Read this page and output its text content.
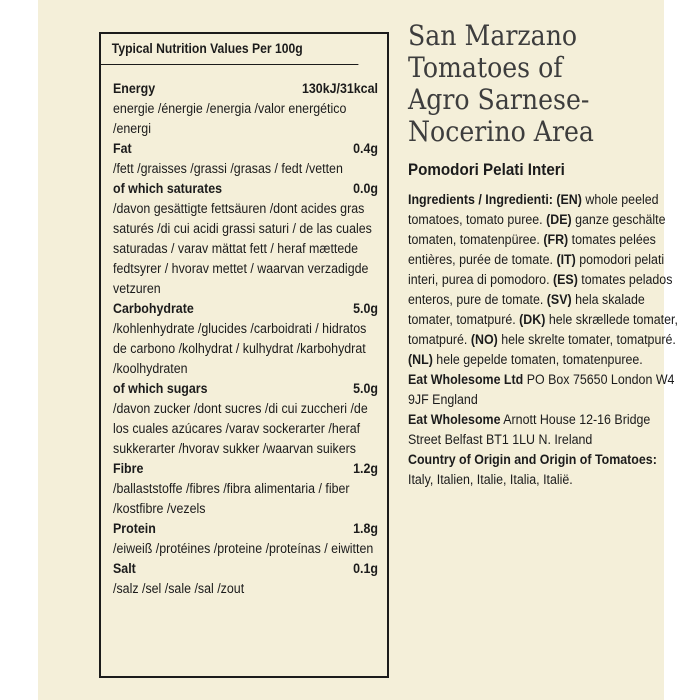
Typical Nutrition Values Per 100g
Energy	130kJ/31kcal
energie /énergie /energia /valor energético /energi
Fat	0.4g
/fett /graisses /grassi /grasas / fedt /vetten
of which saturates	0.0g
/davon gesättigte fettsäuren /dont acides gras saturés /di cui acidi grassi saturi / de las cuales saturadas / varav mättat fett / heraf mættede fedtsyrer / hvorav mettet / waarvan verzadigde vetzuren
Carbohydrate	5.0g
/kohlenhydrate /glucides /carboidrati / hidratos de carbono /kolhydrat / kulhydrat /karbohydrat /koolhydraten
of which sugars	5.0g
/davon zucker /dont sucres /di cui zuccheri /de los cuales azúcares /varav sockerarter /heraf sukkerarter /hvorav sukker /waarvan suikers
Fibre	1.2g
/ballaststoffe /fibres /fibra alimentaria / fiber /kostfibre /vezels
Protein	1.8g
/eiweiß /protéines /proteine /proteínas / eiwitten
Salt	0.1g
/salz /sel /sale /sal /zout
San Marzano
Tomatoes of
Agro Sarnese-
Nocerino Area
Pomodori Pelati Interi
Ingredients / Ingredienti: (EN) whole peeled tomatoes, tomato puree. (DE) ganze geschälte tomaten, tomatenpüree. (FR) tomates pelées entières, purée de tomate. (IT) pomodori pelati interi, purea di pomodoro. (ES) tomates pelados enteros, pure de tomate. (SV) hela skalade tomater, tomatpuré. (DK) hele skrællede tomater, tomatpuré. (NO) hele skrelte tomater, tomatpuré. (NL) hele gepelde tomaten, tomatenpuree.
Eat Wholesome Ltd PO Box 75650 London W4 9JF England
Eat Wholesome Arnott House 12-16 Bridge Street Belfast BT1 1LU N. Ireland
Country of Origin and Origin of Tomatoes: Italy, Italien, Italie, Italia, Italië.
